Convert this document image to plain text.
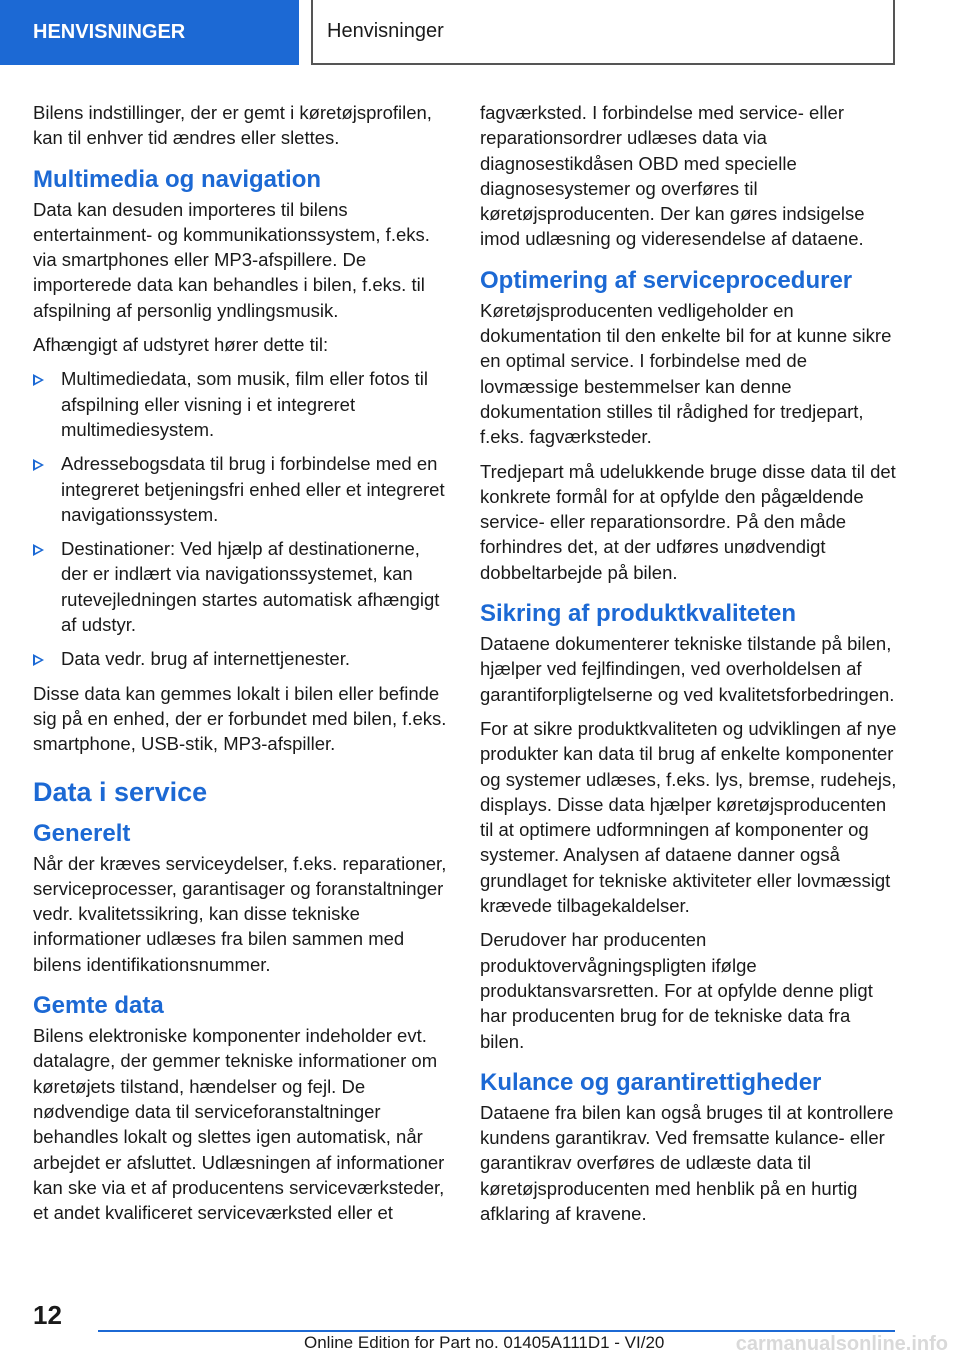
HENVISNINGER	Henvisninger

Bilens indstillinger, der er gemt i køretøjsprofilen, kan til enhver tid ændres eller slettes.

Multimedia og navigation

Data kan desuden importeres til bilens entertainment- og kommunikationssystem, f.eks. via smartphones eller MP3-afspillere. De importerede data kan behandles i bilen, f.eks. til afspilning af personlig yndlingsmusik.

Afhængigt af udstyret hører dette til:

Multimediedata, som musik, film eller fotos til afspilning eller visning i et integreret multimediesystem.
Adressebogsdata til brug i forbindelse med en integreret betjeningsfri enhed eller et integreret navigationssystem.
Destinationer: Ved hjælp af destinationerne, der er indlært via navigationssystemet, kan rutevejledningen startes automatisk afhængigt af udstyr.
Data vedr. brug af internettjenester.

Disse data kan gemmes lokalt i bilen eller befinde sig på en enhed, der er forbundet med bilen, f.eks. smartphone, USB-stik, MP3-afspiller.

Data i service
Generelt

Når der kræves serviceydelser, f.eks. reparationer, serviceprocesser, garantisager og foranstaltninger vedr. kvalitetssikring, kan disse tekniske informationer udlæses fra bilen sammen med bilens identifikationsnummer.

Gemte data

Bilens elektroniske komponenter indeholder evt. datalagre, der gemmer tekniske informationer om køretøjets tilstand, hændelser og fejl. De nødvendige data til serviceforanstaltninger behandles lokalt og slettes igen automatisk, når arbejdet er afsluttet. Udlæsningen af informationer kan ske via et af producentens serviceværksteder, et andet kvalificeret serviceværksted eller et

fagværksted. I forbindelse med service- eller reparationsordrer udlæses data via diagnosestikdåsen OBD med specielle diagnosesystemer og overføres til køretøjsproducenten. Der kan gøres indsigelse imod udlæsning og videresendelse af dataene.

Optimering af serviceprocedurer

Køretøjsproducenten vedligeholder en dokumentation til den enkelte bil for at kunne sikre en optimal service. I forbindelse med de lovmæssige bestemmelser kan denne dokumentation stilles til rådighed for tredjepart, f.eks. fagværksteder.

Tredjepart må udelukkende bruge disse data til det konkrete formål for at opfylde den pågældende service- eller reparationsordre. På den måde forhindres det, at der udføres unødvendigt dobbeltarbejde på bilen.

Sikring af produktkvaliteten

Dataene dokumenterer tekniske tilstande på bilen, hjælper ved fejlfindingen, ved overholdelsen af garantiforpligtelserne og ved kvalitetsforbedringen.

For at sikre produktkvaliteten og udviklingen af nye produkter kan data til brug af enkelte komponenter og systemer udlæses, f.eks. lys, bremse, rudehejs, displays. Disse data hjælper køretøjsproducenten til at optimere udformningen af komponenter og systemer. Analysen af dataene danner også grundlaget for tekniske aktiviteter eller lovmæssigt krævede tilbagekaldelser.

Derudover har producenten produktovervågningspligten ifølge produktansvarsretten. For at opfylde denne pligt har producenten brug for de tekniske data fra bilen.

Kulance og garantirettigheder

Dataene fra bilen kan også bruges til at kontrollere kundens garantikrav. Ved fremsatte kulance- eller garantikrav overføres de udlæste data til køretøjsproducenten med henblik på en hurtig afklaring af kravene.

12
Online Edition for Part no. 01405A111D1 - VI/20	carmanualsonline.info
